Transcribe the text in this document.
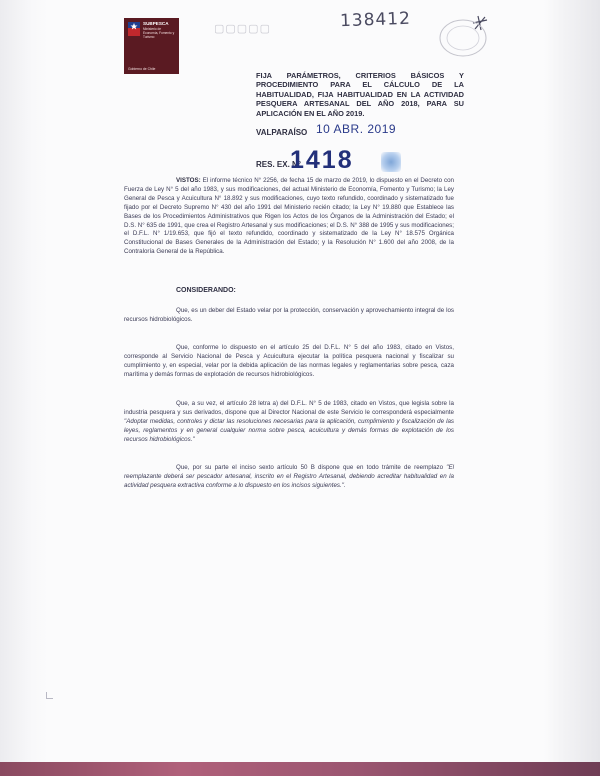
SUBPESCA
Ministerio de Economía, Fomento y Turismo
Gobierno de Chile
▢▢▢▢▢	138412
FIJA PARÁMETROS, CRITERIOS BÁSICOS Y PROCEDIMIENTO PARA EL CÁLCULO DE LA HABITUALIDAD, FIJA HABITUALIDAD EN LA ACTIVIDAD PESQUERA ARTESANAL DEL AÑO 2018, PARA SU APLICACIÓN EN EL AÑO 2019.
VALPARAÍSO 10 ABR. 2019
RES. EX. N°
1418
VISTOS: El informe técnico N° 2256, de fecha 15 de marzo de 2019, lo dispuesto en el Decreto con Fuerza de Ley N° 5 del año 1983, y sus modificaciones, del actual Ministerio de Economía, Fomento y Turismo; la Ley General de Pesca y Acuicultura N° 18.892 y sus modificaciones, cuyo texto refundido, coordinado y sistematizado fue fijado por el Decreto Supremo N° 430 del año 1991 del Ministerio recién citado; la Ley N° 19.880 que Establece las Bases de los Procedimientos Administrativos que Rigen los Actos de los Órganos de la Administración del Estado; el D.S. N° 635 de 1991, que crea el Registro Artesanal y sus modificaciones; el D.S. N° 388 de 1995 y sus modificaciones; el D.F.L. N° 1/19.653, que fijó el texto refundido, coordinado y sistematizado de la Ley N° 18.575 Orgánica Constitucional de Bases Generales de la Administración del Estado; y la Resolución N° 1.600 del año 2008, de la Contraloría General de la República.
CONSIDERANDO:
Que, es un deber del Estado velar por la protección, conservación y aprovechamiento integral de los recursos hidrobiológicos.
Que, conforme lo dispuesto en el artículo 25 del D.F.L. N° 5 del año 1983, citado en Vistos, corresponde al Servicio Nacional de Pesca y Acuicultura ejecutar la política pesquera nacional y fiscalizar su cumplimiento y, en especial, velar por la debida aplicación de las normas legales y reglamentarias sobre pesca, caza marítima y demás formas de explotación de recursos hidrobiológicos.
Que, a su vez, el artículo 28 letra a) del D.F.L. N° 5 de 1983, citado en Vistos, que legisla sobre la industria pesquera y sus derivados, dispone que al Director Nacional de este Servicio le corresponderá especialmente "Adoptar medidas, controles y dictar las resoluciones necesarias para la aplicación, cumplimiento y fiscalización de las leyes, reglamentos y en general cualquier norma sobre pesca, acuicultura y demás formas de explotación de los recursos hidrobiológicos."
Que, por su parte el inciso sexto artículo 50 B dispone que en todo trámite de reemplazo "El reemplazante deberá ser pescador artesanal, inscrito en el Registro Artesanal, debiendo acreditar habitualidad en la actividad pesquera extractiva conforme a lo dispuesto en los incisos siguientes.".
